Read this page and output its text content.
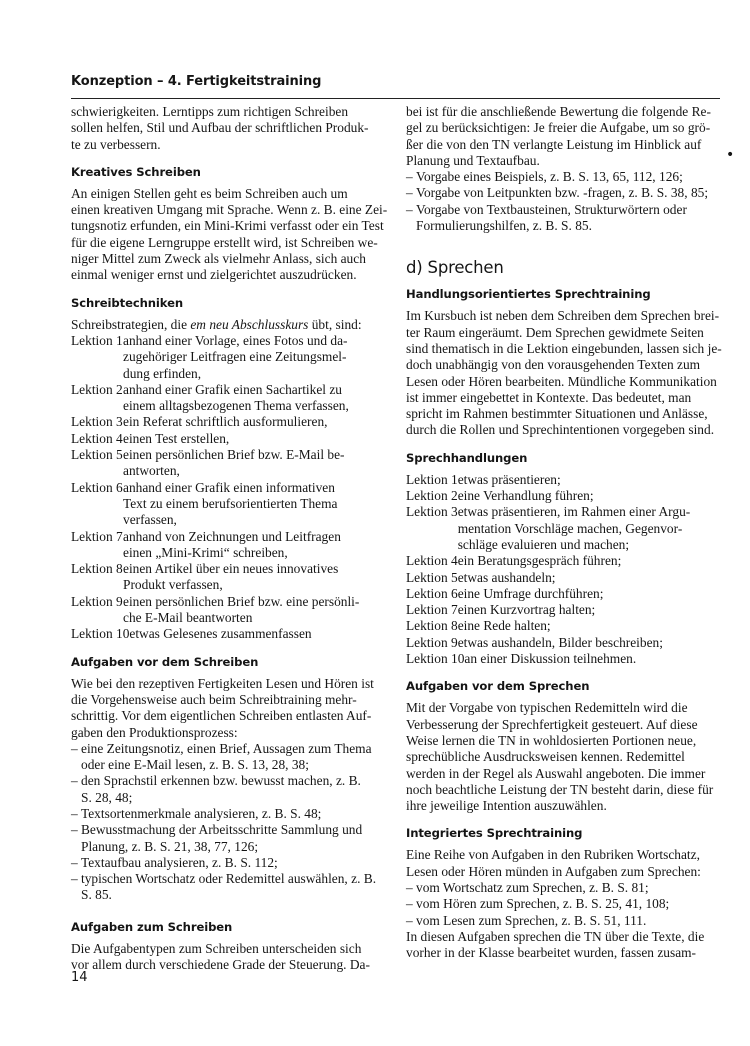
Konzeption – 4. Fertigkeitstraining
•

schwierigkeiten. Lerntipps zum richtigen Schreiben
sollen helfen, Stil und Aufbau der schriftlichen Produk-
te zu verbessern.

Kreatives Schreiben

An einigen Stellen geht es beim Schreiben auch um
einen kreativen Umgang mit Sprache. Wenn z. B. eine Zei-
tungsnotiz erfunden, ein Mini-Krimi verfasst oder ein Test
für die eigene Lerngruppe erstellt wird, ist Schreiben we-
niger Mittel zum Zweck als vielmehr Anlass, sich auch
einmal weniger ernst und zielgerichtet auszudrücken.

Schreibtechniken

Schreibstrategien, die em neu Abschlusskurs übt, sind:

Lektion 1 anhand einer Vorlage, eines Fotos und da-
zugehöriger Leitfragen eine Zeitungsmel-
dung erfinden,
Lektion 2 anhand einer Grafik einen Sachartikel zu
einem alltagsbezogenen Thema verfassen,
Lektion 3 ein Referat schriftlich ausformulieren,
Lektion 4 einen Test erstellen,
Lektion 5 einen persönlichen Brief bzw. E-Mail be-
antworten,
Lektion 6 anhand einer Grafik einen informativen
Text zu einem berufsorientierten Thema
verfassen,
Lektion 7 anhand von Zeichnungen und Leitfragen
einen „Mini-Krimi“ schreiben,
Lektion 8 einen Artikel über ein neues innovatives
Produkt verfassen,
Lektion 9 einen persönlichen Brief bzw. eine persönli-
che E-Mail beantworten
Lektion 10 etwas Gelesenes zusammenfassen
Aufgaben vor dem Schreiben

Wie bei den rezeptiven Fertigkeiten Lesen und Hören ist
die Vorgehensweise auch beim Schreibtraining mehr-
schrittig. Vor dem eigentlichen Schreiben entlasten Auf-
gaben den Produktionsprozess:

– eine Zeitungsnotiz, einen Brief, Aussagen zum Thema
oder eine E-Mail lesen, z. B. S. 13, 28, 38;
– den Sprachstil erkennen bzw. bewusst machen, z. B.
S. 28, 48;
– Textsortenmerkmale analysieren, z. B. S. 48;
– Bewusstmachung der Arbeitsschritte Sammlung und
Planung, z. B. S. 21, 38, 77, 126;
– Textaufbau analysieren, z. B. S. 112;
– typischen Wortschatz oder Redemittel auswählen, z. B.
S. 85.
Aufgaben zum Schreiben

Die Aufgabentypen zum Schreiben unterscheiden sich
vor allem durch verschiedene Grade der Steuerung. Da-

bei ist für die anschließende Bewertung die folgende Re-
gel zu berücksichtigen: Je freier die Aufgabe, um so grö-
ßer die von den TN verlangte Leistung im Hinblick auf
Planung und Textaufbau.

– Vorgabe eines Beispiels, z. B. S. 13, 65, 112, 126;
– Vorgabe von Leitpunkten bzw. -fragen, z. B. S. 38, 85;
– Vorgabe von Textbausteinen, Strukturwörtern oder
Formulierungshilfen, z. B. S. 85.
d) Sprechen
Handlungsorientiertes Sprechtraining

Im Kursbuch ist neben dem Schreiben dem Sprechen brei-
ter Raum eingeräumt. Dem Sprechen gewidmete Seiten
sind thematisch in die Lektion eingebunden, lassen sich je-
doch unabhängig von den vorausgehenden Texten zum
Lesen oder Hören bearbeiten. Mündliche Kommunikation
ist immer eingebettet in Kontexte. Das bedeutet, man
spricht im Rahmen bestimmter Situationen und Anlässe,
durch die Rollen und Sprechintentionen vorgegeben sind.

Sprechhandlungen
Lektion 1 etwas präsentieren;
Lektion 2 eine Verhandlung führen;
Lektion 3 etwas präsentieren, im Rahmen einer Argu-
mentation Vorschläge machen, Gegenvor-
schläge evaluieren und machen;
Lektion 4 ein Beratungsgespräch führen;
Lektion 5 etwas aushandeln;
Lektion 6 eine Umfrage durchführen;
Lektion 7 einen Kurzvortrag halten;
Lektion 8 eine Rede halten;
Lektion 9 etwas aushandeln, Bilder beschreiben;
Lektion 10 an einer Diskussion teilnehmen.
Aufgaben vor dem Sprechen

Mit der Vorgabe von typischen Redemitteln wird die
Verbesserung der Sprechfertigkeit gesteuert. Auf diese
Weise lernen die TN in wohldosierten Portionen neue,
sprechübliche Ausdrucksweisen kennen. Redemittel
werden in der Regel als Auswahl angeboten. Die immer
noch beachtliche Leistung der TN besteht darin, diese für
ihre jeweilige Intention auszuwählen.

Integriertes Sprechtraining

Eine Reihe von Aufgaben in den Rubriken Wortschatz,
Lesen oder Hören münden in Aufgaben zum Sprechen:

– vom Wortschatz zum Sprechen, z. B. S. 81;
– vom Hören zum Sprechen, z. B. S. 25, 41, 108;
– vom Lesen zum Sprechen, z. B. S. 51, 111.

In diesen Aufgaben sprechen die TN über die Texte, die
vorher in der Klasse bearbeitet wurden, fassen zusam-

14
